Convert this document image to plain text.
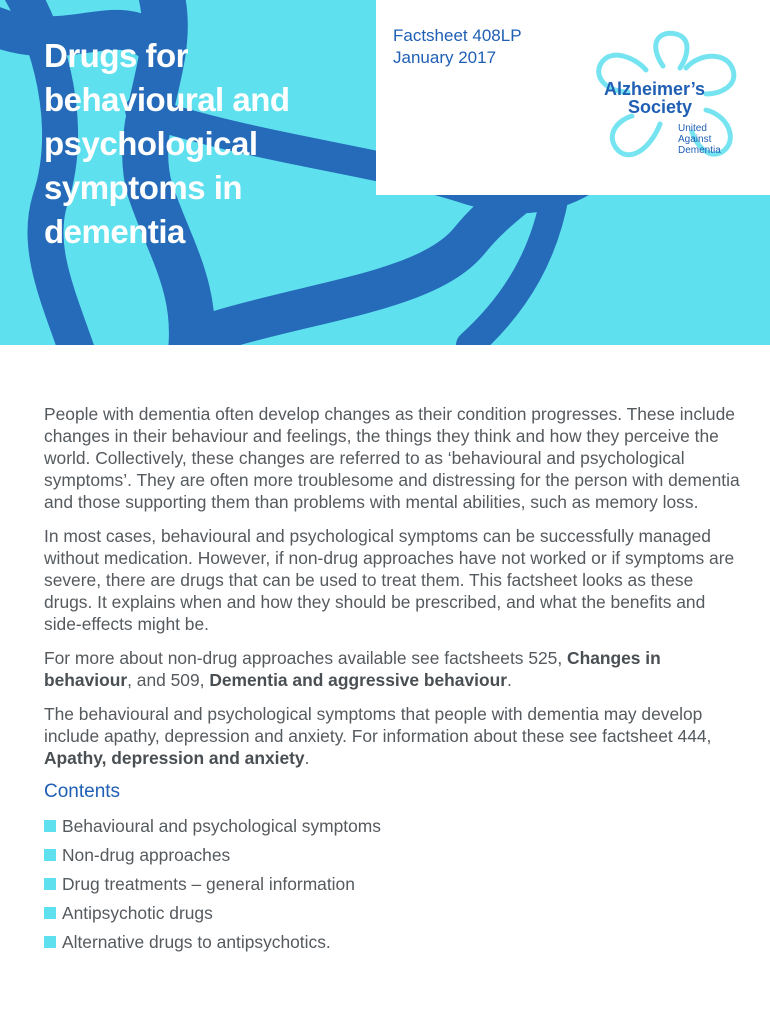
Drugs for behavioural and psychological symptoms in dementia
Factsheet 408LP
January 2017
Alzheimer’s
Society
United
Against
Dementia

People with dementia often develop changes as their condition progresses. These include changes in their behaviour and feelings, the things they think and how they perceive the world. Collectively, these changes are referred to as ‘behavioural and psychological symptoms’. They are often more troublesome and distressing for the person with dementia and those supporting them than problems with mental abilities, such as memory loss.

In most cases, behavioural and psychological symptoms can be successfully managed without medication. However, if non-drug approaches have not worked or if symptoms are severe, there are drugs that can be used to treat them. This factsheet looks as these drugs. It explains when and how they should be prescribed, and what the benefits and side-effects might be.

For more about non-drug approaches available see factsheets 525, Changes in behaviour, and 509, Dementia and aggressive behaviour.

The behavioural and psychological symptoms that people with dementia may develop include apathy, depression and anxiety. For information about these see factsheet 444, Apathy, depression and anxiety.

Contents
Behavioural and psychological symptoms
Non-drug approaches
Drug treatments – general information
Antipsychotic drugs
Alternative drugs to antipsychotics.
